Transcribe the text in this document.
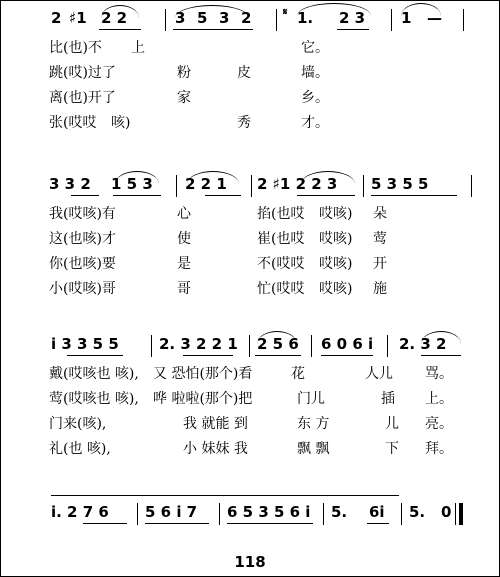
2 ♯1 2 2	3 5 3 2	𝄋 1. 2 3 1 —
比(也)不 上	它。
跳(哎)过了	粉	皮	墙。
离(也)开了	家	乡。
张(哎哎 咳)	秀	才。
3 3 2 1 5 3 2 2 1 2 ♯1 2 2 3 5 3 5 5
我(哎咳)有	心	掐(也哎 哎咳) 朵
这(也咳)才	使	崔(也哎 哎咳) 莺
你(也咳)要	是	不(哎哎 哎咳) 开
小(哎咳)哥	哥	忙(哎哎 哎咳) 施
i 3 3 5 5	2. 3 2 2 1 2 5 6 6 0 6 i 2. 3 2
戴(哎咳也 咳), 又 恐怕(那个)看	花	人儿 骂。
莺(哎咳也 咳), 哗 啦啦(那个)把	门儿	插 上。
门来(咳),	我 就能 到	东 方	儿 亮。
礼(也 咳),	小 妹妹 我	飘 飘	下 拜。
i. 2 7 6 5 6 i 7 6 5 3 5 6 i 5. 6i 5. 0
118
